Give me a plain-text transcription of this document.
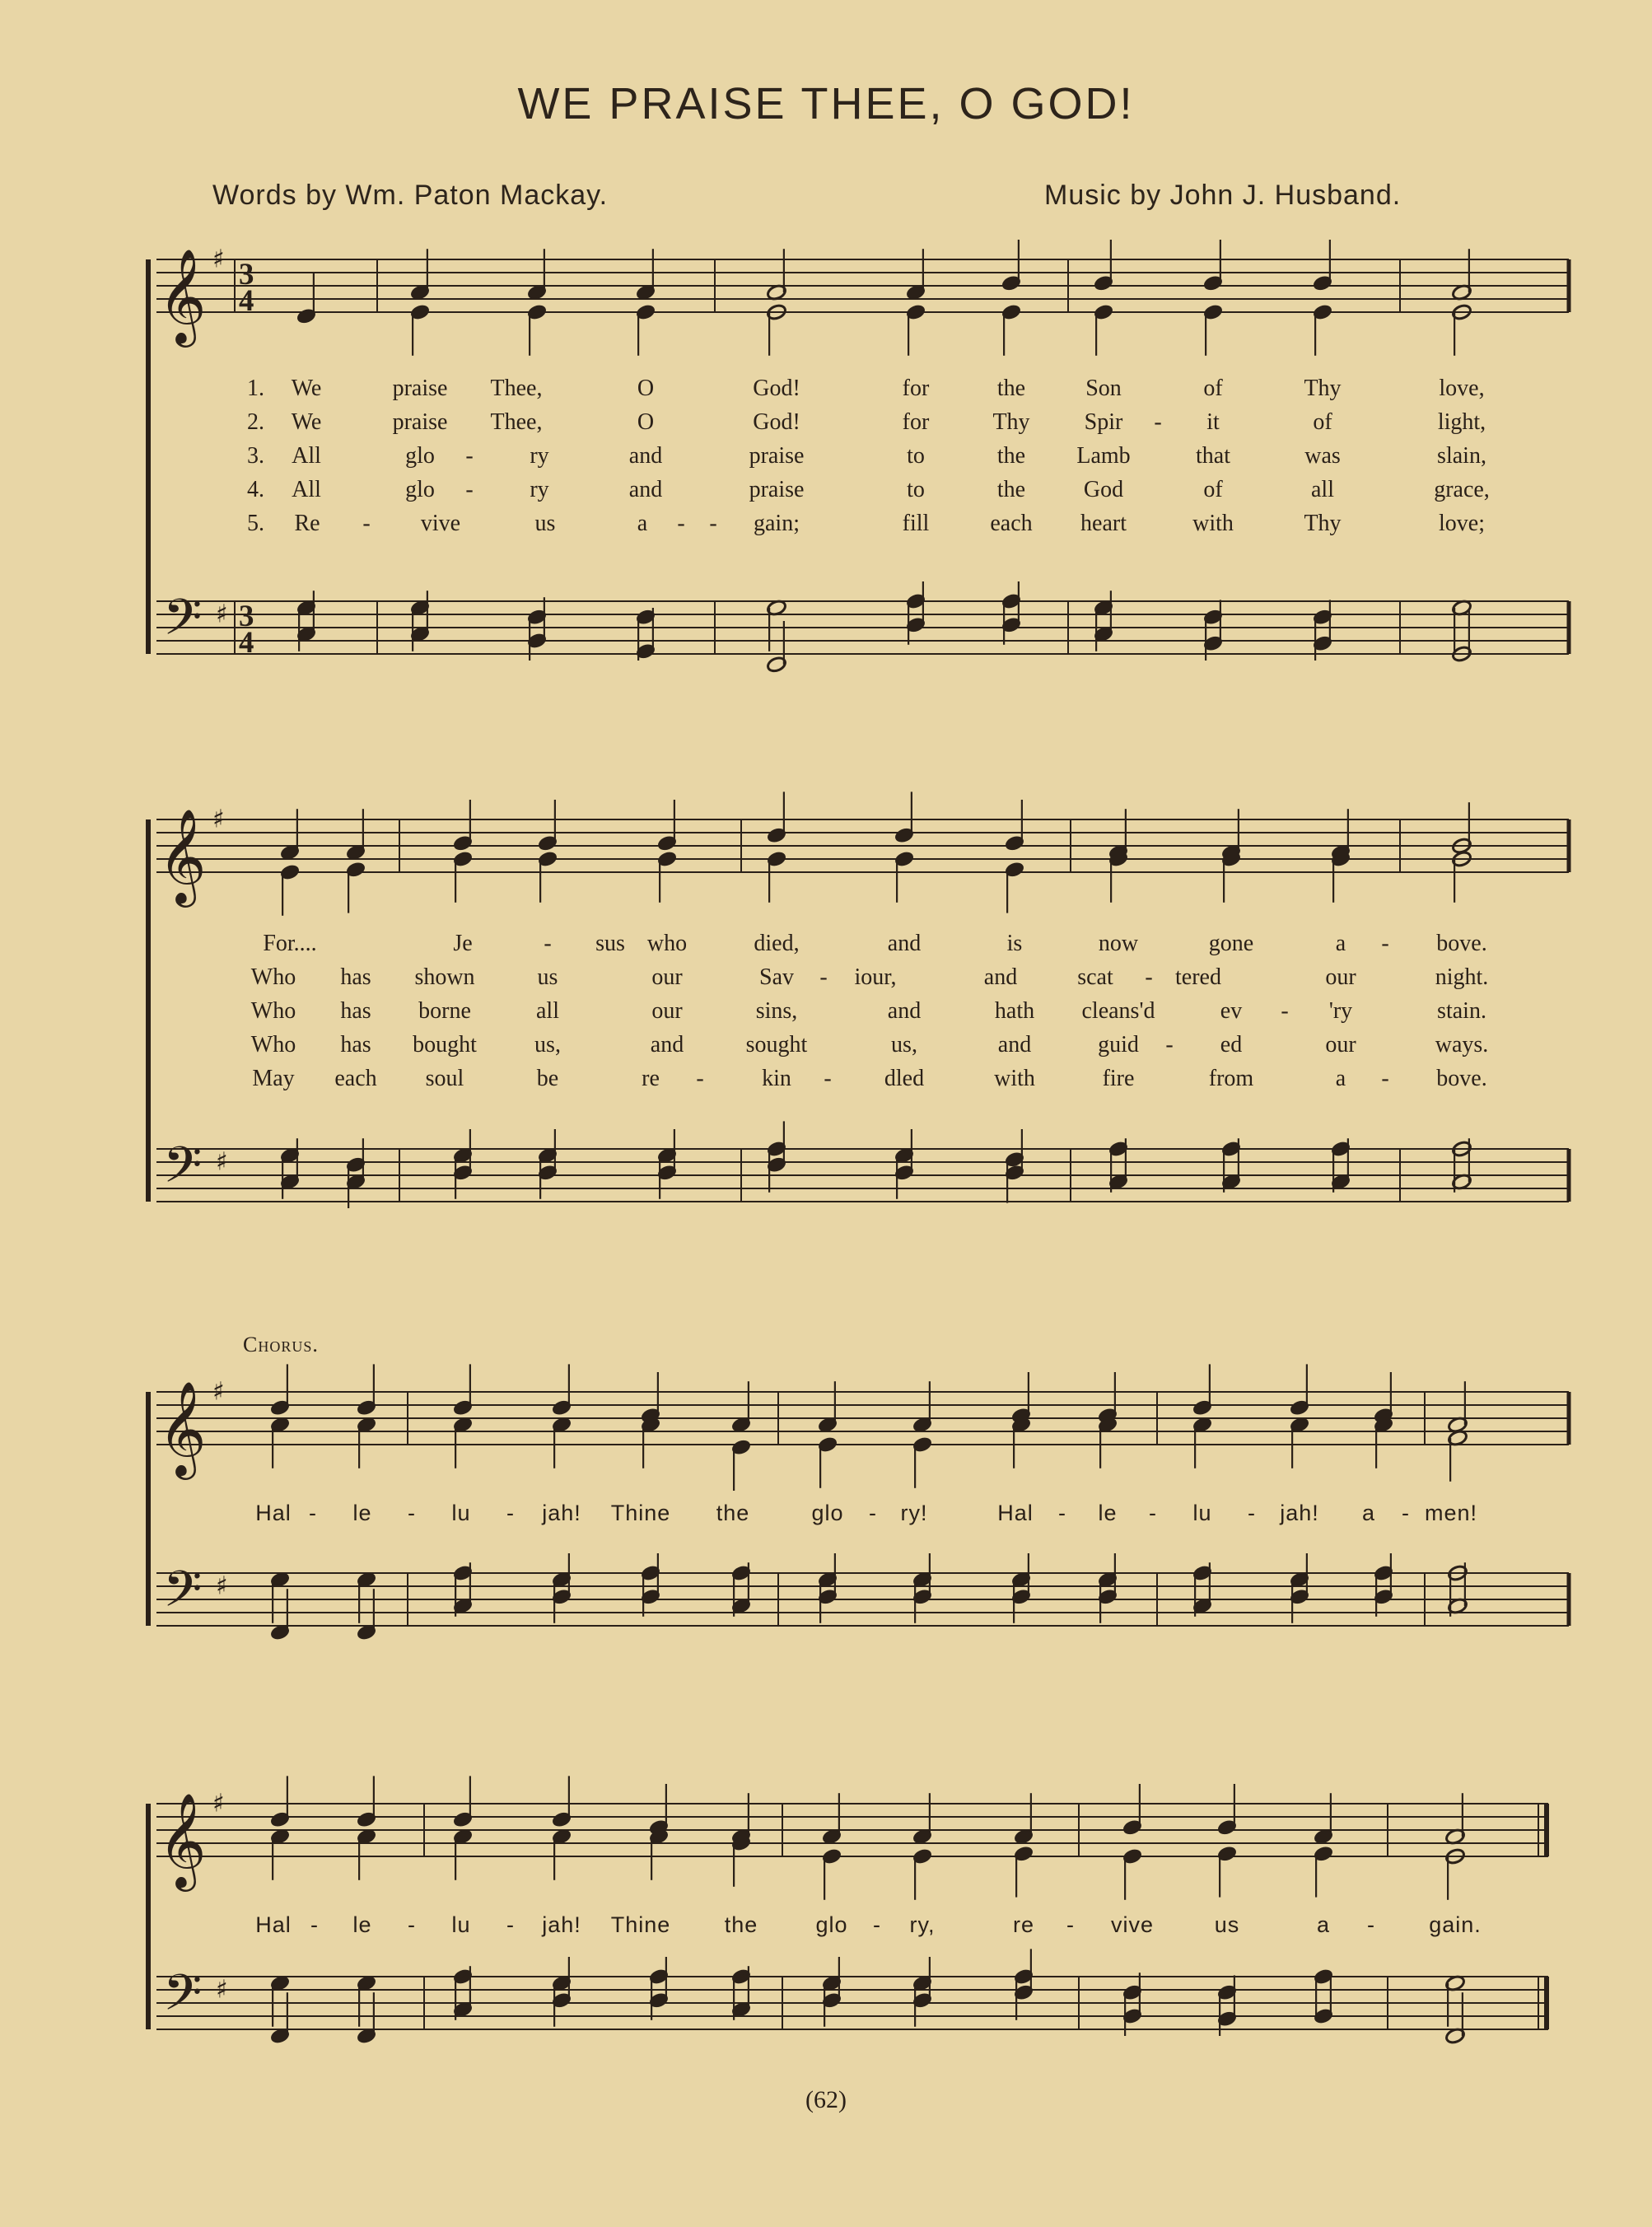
WE PRAISE THEE, O GOD!
Words by Wm. Paton Mackay.	Music by John J. Husband.
Chorus.
(62)
𝄞 ♯ 3
4
𝄢 ♯ 3
4
𝄞 ♯
𝄢 ♯
𝄞 ♯
𝄢 ♯
𝄞 ♯
𝄢 ♯
1. We	praise Thee,	O	God!	for	the	Son	of	Thy	love,
2. We	praise Thee,	O	God!	for	Thy Spir - it	of	light,
3. All	glo - ry	and	praise	to	the Lamb	that	was	slain,
4. All	glo - ry	and	praise	to	the	God	of	all	grace,
5. Re - vive	us	a - - gain;	fill	each heart	with	Thy	love;
For....	Je	- sus who	died,	and	is	now	gone	a - bove.
Who has shown	us	our	Sav - iour,	and	scat - tered	our	night.
Who has borne	all	our	sins,	and	hath cleans'd	ev - 'ry	stain.
Who has bought	us,	and	sought	us,	and	guid - ed	our	ways.
May each soul	be	re -	kin - dled	with	fire	from	a - bove.
Hal - le - lu - jah! Thine the	glo - ry!	Hal - le - lu - jah! a - men!
Hal - le - lu - jah! Thine the	glo - ry,	re - vive	us	a - gain.
